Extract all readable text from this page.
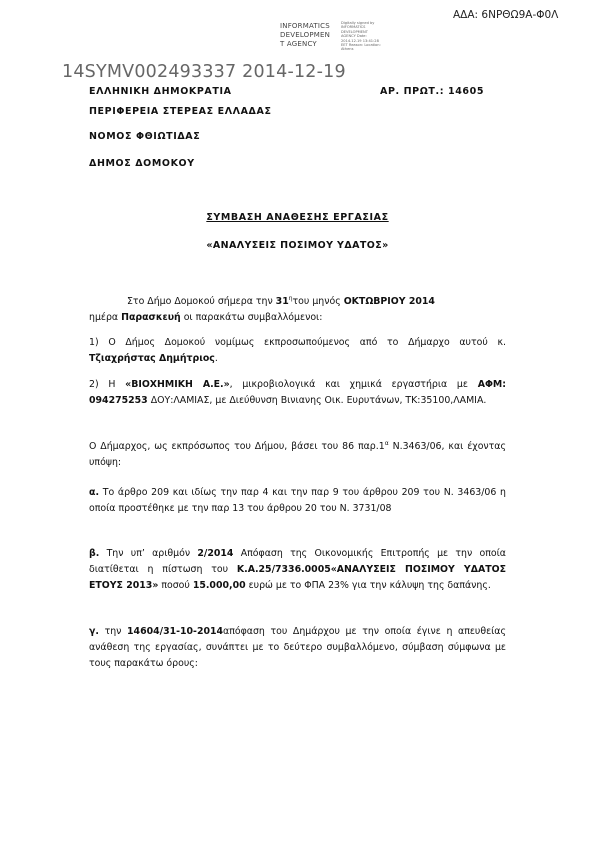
ΑΔΑ: 6ΝΡΘΩ9Α-Φ0Λ
INFORMATICS
DEVELOPMEN
T AGENCY
Digitally signed by INFORMATICS DEVELOPMENT AGENCY Date: 2014.12.19 13:41:28 EET Reason: Location: Athens
14SYMV002493337 2014-12-19
ΕΛΛΗΝΙΚΗ ΔΗΜΟΚΡΑΤΙΑ	ΑΡ. ΠΡΩΤ.: 14605
ΠΕΡΙΦΕΡΕΙΑ ΣΤΕΡΕΑΣ ΕΛΛΑΔΑΣ
ΝΟΜΟΣ ΦΘΙΩΤΙΔΑΣ
ΔΗΜΟΣ ΔΟΜΟΚΟΥ
ΣΥΜΒΑΣΗ ΑΝΑΘΕΣΗΣ ΕΡΓΑΣΙΑΣ
«ΑΝΑΛΥΣΕΙΣ ΠΟΣΙΜΟΥ ΥΔΑΤΟΣ»
Στο Δήμο Δομοκού σήμερα την $31^\eta\tau o\upsilon$ μηνός ΟΚΤΩΒΡΙΟΥ 2014
ημέρα Παρασκευή οι παρακάτω συμβαλλόμενοι:
1) Ο Δήμος Δομοκού νομίμως εκπροσωπούμενος από το Δήμαρχο αυτού κ. Τζιαχρήστας Δημήτριος.
2) Η «ΒΙΟΧΗΜΙΚΗ Α.Ε.», μικροβιολογικά και χημικά εργαστήρια με ΑΦΜ: 094275253 ΔΟΥ:ΛΑΜΙΑΣ, με Διεύθυνση Βινιανης Οικ. Ευρυτάνων, ΤΚ:35100,ΛΑΜΙΑ.
Ο Δήμαρχος, ως εκπρόσωπος του Δήμου, βάσει του 86 $\pi\alpha\rho.1^\alpha$ Ν.3463/06, και έχοντας υπόψη:
α. Το άρθρο 209 και ιδίως την παρ 4 και την παρ 9 του άρθρου 209 του Ν. 3463/06 η οποία προστέθηκε με την παρ 13 του άρθρου 20 του Ν. 3731/08
β. Την υπ’ αριθμόν 2/2014 Απόφαση της Οικονομικής Επιτροπής με την οποία διατίθεται η πίστωση του Κ.Α.25/7336.0005«ΑΝΑΛΥΣΕΙΣ ΠΟΣΙΜΟΥ ΥΔΑΤΟΣ ΕΤΟΥΣ 2013» ποσού 15.000,00 ευρώ με το ΦΠΑ 23% για την κάλυψη της δαπάνης.
γ. την 14604/31-10-2014απόφαση του Δημάρχου με την οποία έγινε η απευθείας ανάθεση της εργασίας, συνάπτει με το δεύτερο συμβαλλόμενο, σύμβαση σύμφωνα με τους παρακάτω όρους:
